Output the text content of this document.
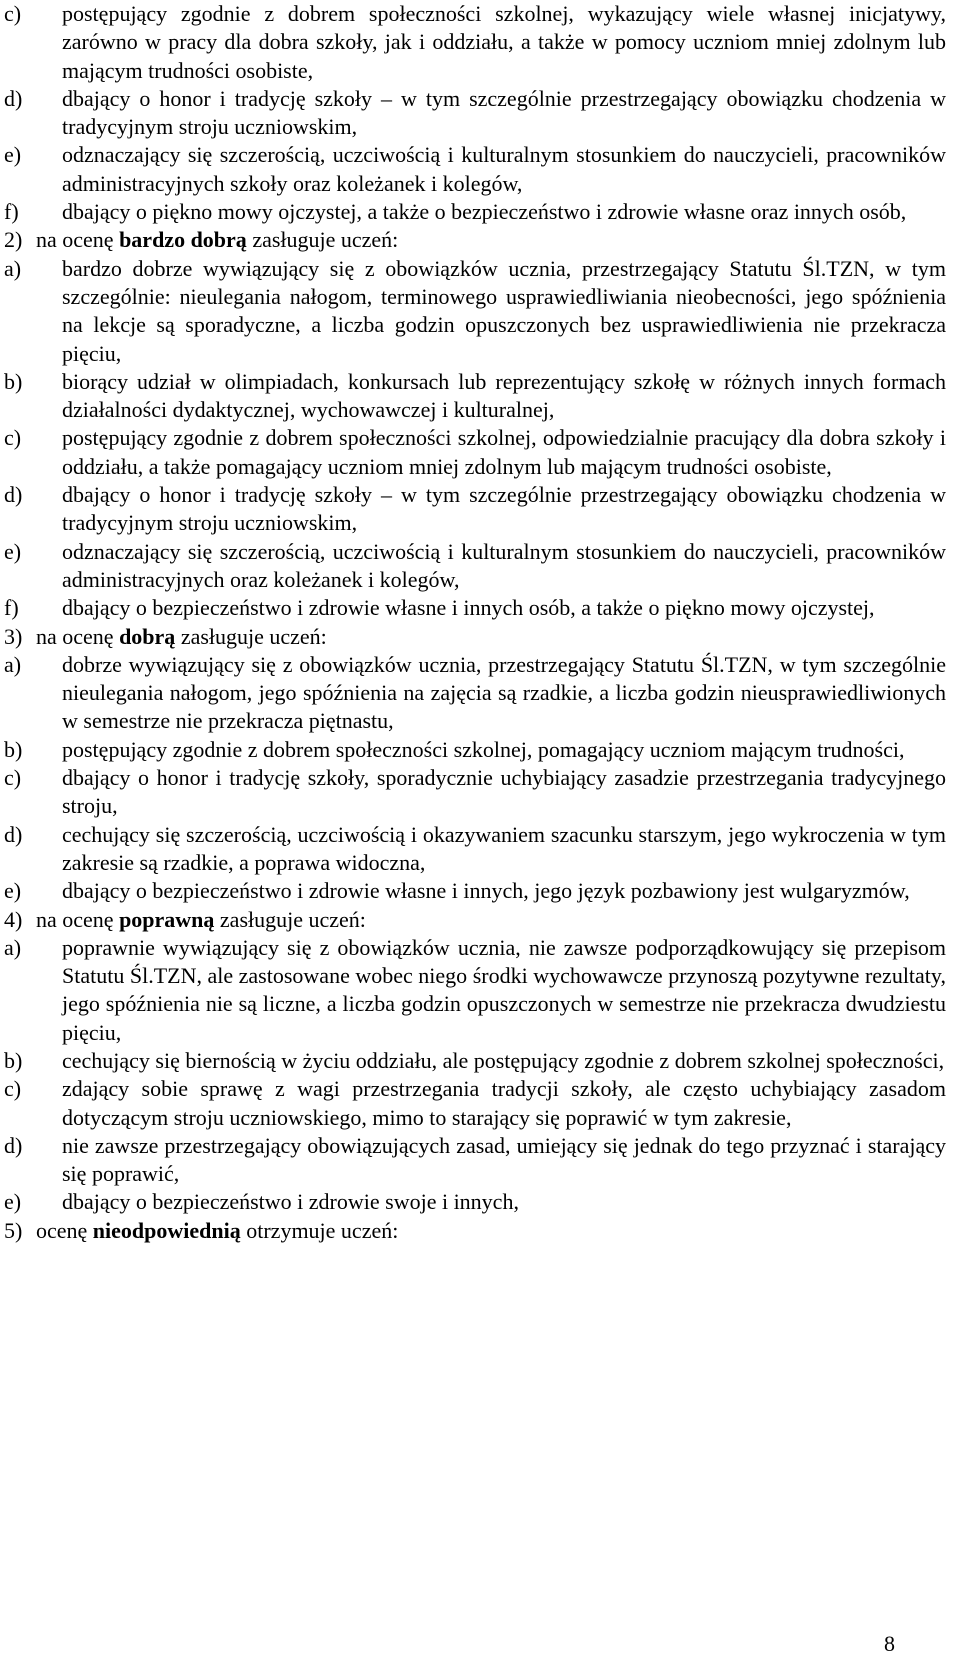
c) postępujący zgodnie z dobrem społeczności szkolnej, wykazujący wiele własnej inicjatywy, zarówno w pracy dla dobra szkoły, jak i oddziału, a także w pomocy uczniom mniej zdolnym lub mającym trudności osobiste,
d) dbający o honor i tradycję szkoły – w tym szczególnie przestrzegający obowiązku chodzenia w tradycyjnym stroju uczniowskim,
e) odznaczający się szczerością, uczciwością i kulturalnym stosunkiem do nauczycieli, pracowników administracyjnych szkoły oraz koleżanek i kolegów,
f) dbający o piękno mowy ojczystej, a także o bezpieczeństwo i zdrowie własne oraz innych osób,
2) na ocenę bardzo dobrą zasługuje uczeń:
a) bardzo dobrze wywiązujący się z obowiązków ucznia, przestrzegający Statutu Śl.TZN, w tym szczególnie: nieulegania nałogom, terminowego usprawiedliwiania nieobecności, jego spóźnienia na lekcje są sporadyczne, a liczba godzin opuszczonych bez usprawiedliwienia nie przekracza pięciu,
b) biorący udział w olimpiadach, konkursach lub reprezentujący szkołę w różnych innych formach działalności dydaktycznej, wychowawczej i kulturalnej,
c) postępujący zgodnie z dobrem społeczności szkolnej, odpowiedzialnie pracujący dla dobra szkoły i oddziału, a także pomagający uczniom mniej zdolnym lub mającym trudności osobiste,
d) dbający o honor i tradycję szkoły – w tym szczególnie przestrzegający obowiązku chodzenia w tradycyjnym stroju uczniowskim,
e) odznaczający się szczerością, uczciwością i kulturalnym stosunkiem do nauczycieli, pracowników administracyjnych oraz koleżanek i kolegów,
f) dbający o bezpieczeństwo i zdrowie własne i innych osób, a także o piękno mowy ojczystej,
3) na ocenę dobrą zasługuje uczeń:
a) dobrze wywiązujący się z obowiązków ucznia, przestrzegający Statutu Śl.TZN, w tym szczególnie nieulegania nałogom, jego spóźnienia na zajęcia są rzadkie, a liczba godzin nieusprawiedliwionych w semestrze nie przekracza piętnastu,
b) postępujący zgodnie z dobrem społeczności szkolnej, pomagający uczniom mającym trudności,
c) dbający o honor i tradycję szkoły, sporadycznie uchybiający zasadzie przestrzegania tradycyjnego stroju,
d) cechujący się szczerością, uczciwością i okazywaniem szacunku starszym, jego wykroczenia w tym zakresie są rzadkie, a poprawa widoczna,
e) dbający o bezpieczeństwo i zdrowie własne i innych, jego język pozbawiony jest wulgaryzmów,
4) na ocenę poprawną zasługuje uczeń:
a) poprawnie wywiązujący się z obowiązków ucznia, nie zawsze podporządkowujący się przepisom Statutu Śl.TZN, ale zastosowane wobec niego środki wychowawcze przynoszą pozytywne rezultaty, jego spóźnienia nie są liczne, a liczba godzin opuszczonych w semestrze nie przekracza dwudziestu pięciu,
b) cechujący się biernością w życiu oddziału, ale postępujący zgodnie z dobrem szkolnej społeczności,
c) zdający sobie sprawę z wagi przestrzegania tradycji szkoły, ale często uchybiający zasadom dotyczącym stroju uczniowskiego, mimo to starający się poprawić w tym zakresie,
d) nie zawsze przestrzegający obowiązujących zasad, umiejący się jednak do tego przyznać i starający się poprawić,
e) dbający o bezpieczeństwo i zdrowie swoje i innych,
5) ocenę nieodpowiednią otrzymuje uczeń:
8
